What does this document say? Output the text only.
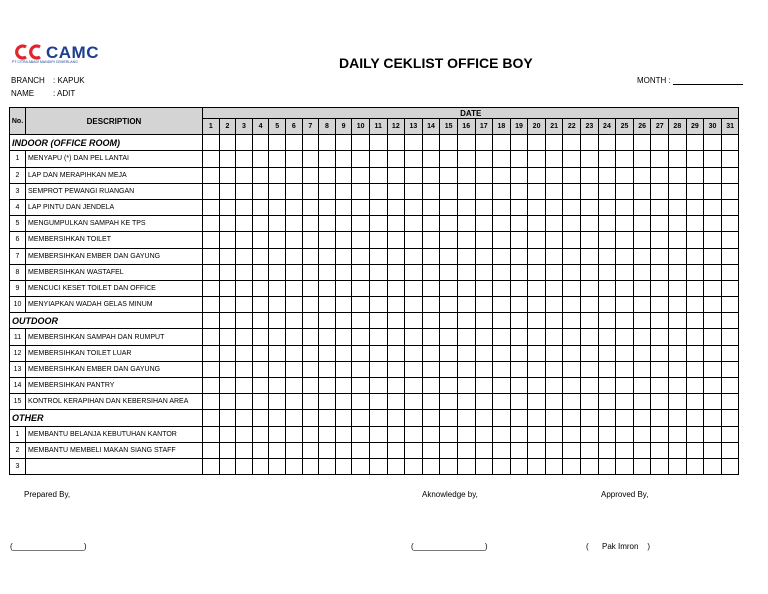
CAMC
PT CITRA ABADI MANDIRI CEMERLANG	DAILY CEKLIST OFFICE BOY
BRANCH : KAPUK
NAME : ADIT
MONTH :
No.	DESCRIPTION	DATE																														
		1	2	3	4	5	6	7	8	9	10	11	12	13	14	15	16	17	18	19	20	21	22	23	24	25	26	27	28	29	30	31
INDOOR (OFFICE ROOM)																																
1	MENYAPU (*) DAN PEL LANTAI																															
2	LAP DAN MERAPIHKAN MEJA																															
3	SEMPROT PEWANGI RUANGAN																															
4	LAP PINTU DAN JENDELA																															
5	MENGUMPULKAN SAMPAH KE TPS																															
6	MEMBERSIHKAN TOILET																															
7	MEMBERSIHKAN EMBER DAN GAYUNG																															
8	MEMBERSIHKAN WASTAFEL																															
9	MENCUCI KESET TOILET DAN OFFICE																															
10	MENYIAPKAN WADAH GELAS MINUM																															
OUTDOOR																																
11	MEMBERSIHKAN SAMPAH DAN RUMPUT																															
12	MEMBERSIHKAN TOILET LUAR																															
13	MEMBERSIHKAN EMBER DAN GAYUNG																															
14	MEMBERSIHKAN PANTRY																															
15	KONTROL KERAPIHAN DAN KEBERSIHAN AREA																															
OTHER																																
1	MEMBANTU BELANJA KEBUTUHAN KANTOR																															
2	MEMBANTU MEMBELI MAKAN SIANG STAFF																															
3																																
Prepared By,	Aknowledge by,	Approved By,
(________________)	(________________)	(      Pak Imron    )
